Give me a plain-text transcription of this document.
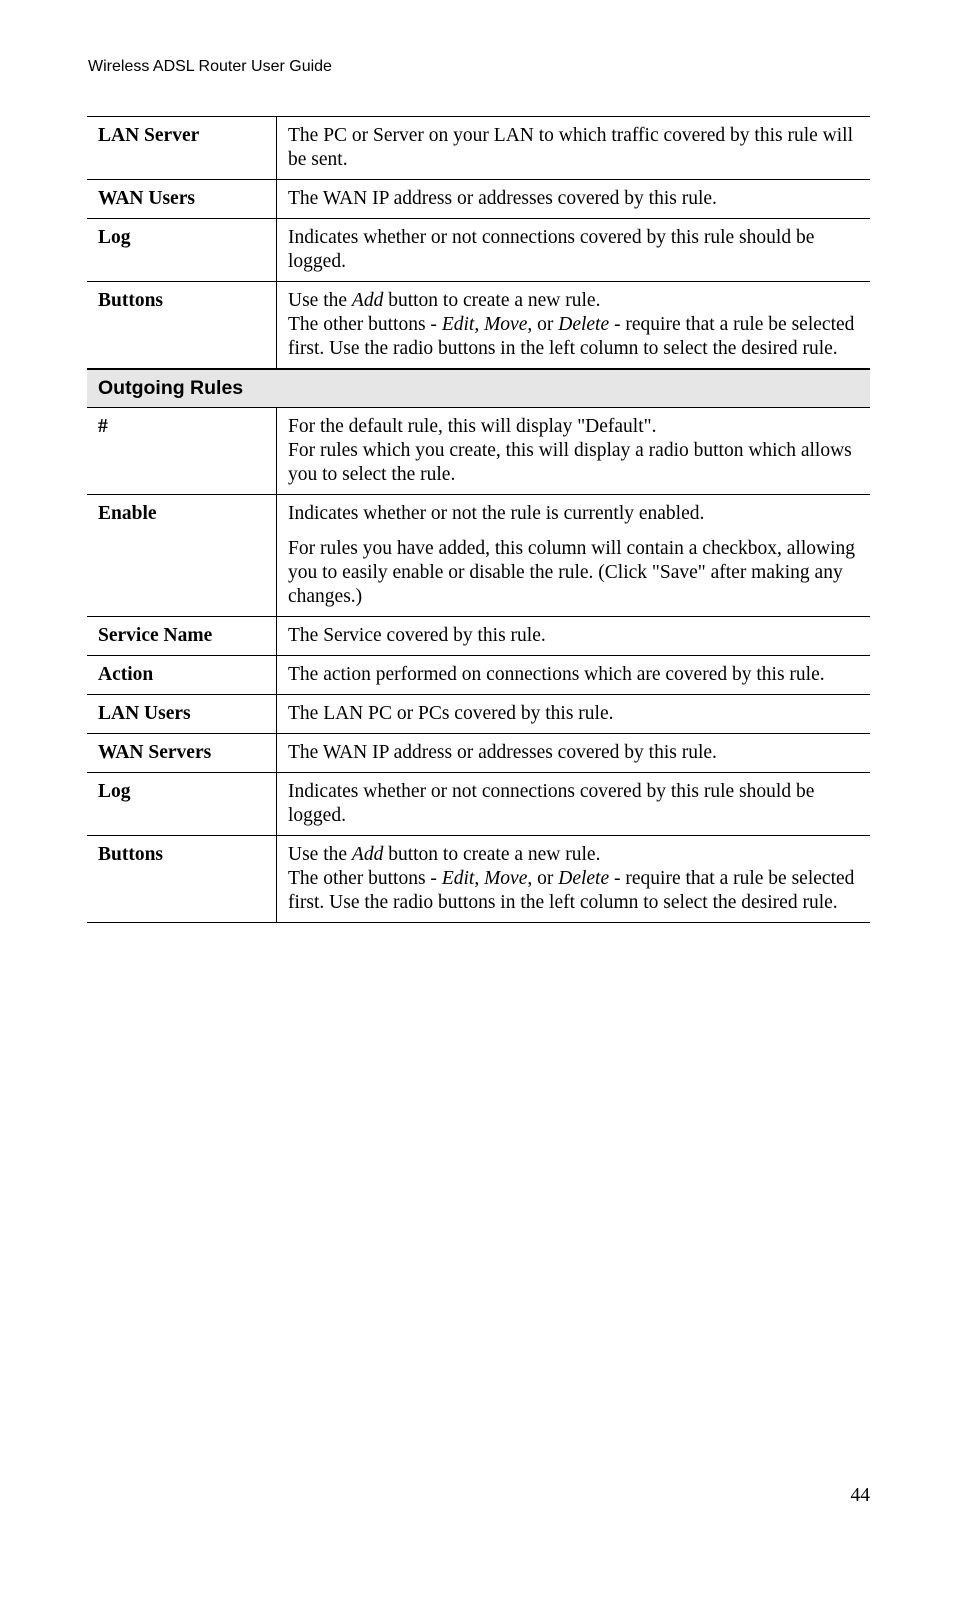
Wireless ADSL Router User Guide
LAN Server	The PC or Server on your LAN to which traffic covered by this rule will be sent.
WAN Users	The WAN IP address or addresses covered by this rule.
Log	Indicates whether or not connections covered by this rule should be logged.
Buttons	Use the Add button to create a new rule.
The other buttons - Edit, Move, or Delete - require that a rule be selected first. Use the radio buttons in the left column to select the desired rule.

Outgoing Rules	
#	For the default rule, this will display "Default".
For rules which you create, this will display a radio button which allows you to select the rule.

Enable	Indicates whether or not the rule is currently enabled.
For rules you have added, this column will contain a checkbox, allowing you to easily enable or disable the rule. (Click "Save" after making any changes.)

Service Name	The Service covered by this rule.
Action	The action performed on connections which are covered by this rule.
LAN Users	The LAN PC or PCs covered by this rule.
WAN Servers	The WAN IP address or addresses covered by this rule.
Log	Indicates whether or not connections covered by this rule should be logged.
Buttons	Use the Add button to create a new rule.
The other buttons - Edit, Move, or Delete - require that a rule be selected first. Use the radio buttons in the left column to select the desired rule.
44
